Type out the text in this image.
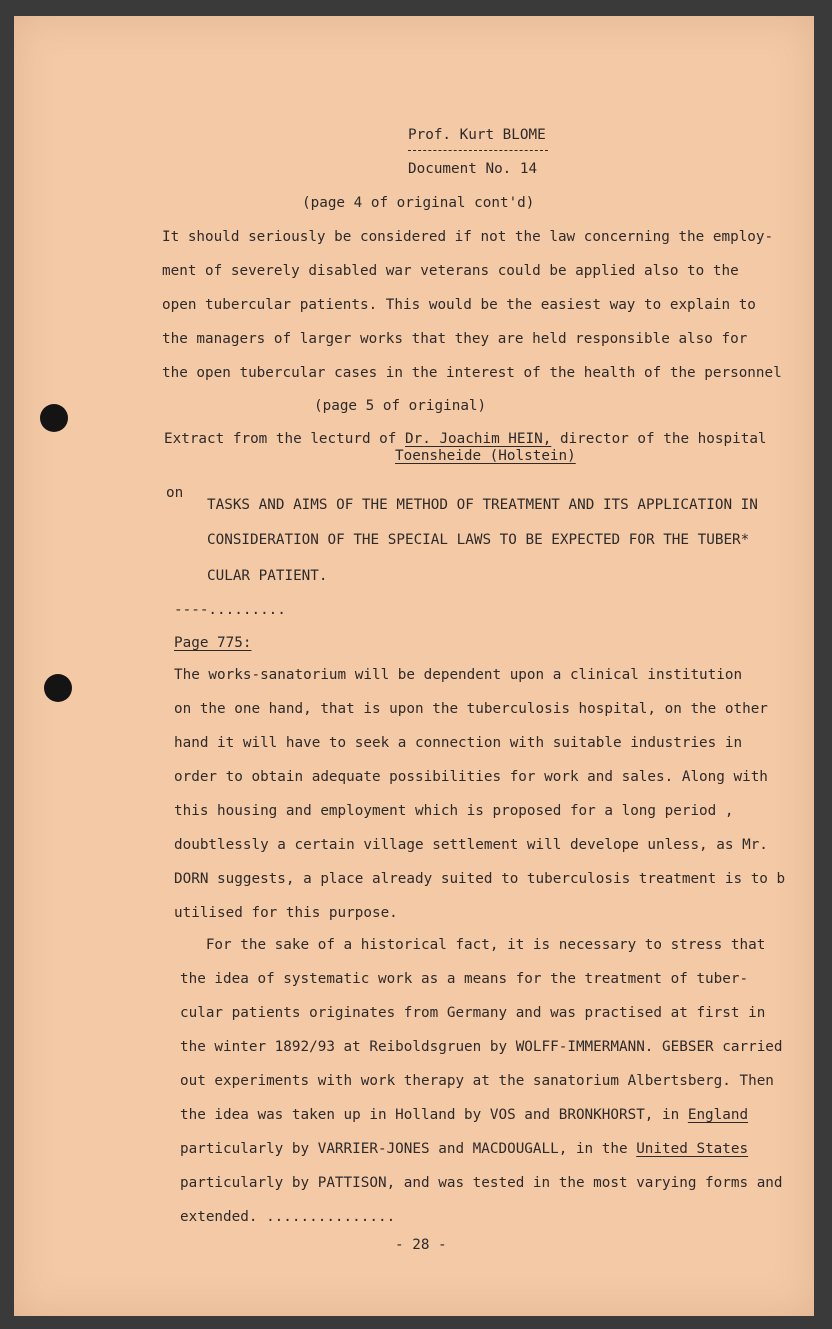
Prof. Kurt BLOME
Document No. 14
(page 4 of original cont'd)
It should seriously be considered if not the law concerning the employ-
ment of severely disabled war veterans could be applied also to the
open tubercular patients. This would be the easiest way to explain to
the managers of larger works that they are held responsible also for
the open tubercular cases in the interest of the health of the personnel
(page 5 of original)
Extract from the lecturd of Dr. Joachim HEIN, director of the hospital
Toensheide (Holstein)
on
TASKS AND AIMS OF THE METHOD OF TREATMENT AND ITS APPLICATION IN
CONSIDERATION OF THE SPECIAL LAWS TO BE EXPECTED FOR THE TUBER*
CULAR PATIENT.
----.........
Page 775:
The works-sanatorium will be dependent upon a clinical institution
on the one hand, that is upon the tuberculosis hospital, on the other
hand it will have to seek a connection with suitable industries in
order to obtain adequate possibilities for work and sales. Along with
this housing and employment which is proposed for a long period ,
doubtlessly a certain village settlement will develope unless, as Mr.
DORN suggests, a place already suited to tuberculosis treatment is to b
utilised for this purpose.
For the sake of a historical fact, it is necessary to stress that
the idea of systematic work as a means for the treatment of tuber-
cular patients originates from Germany and was practised at first in
the winter 1892/93 at Reiboldsgruen by WOLFF-IMMERMANN. GEBSER carried
out experiments with work therapy at the sanatorium Albertsberg. Then
the idea was taken up in Holland by VOS and BRONKHORST, in England
particularly by VARRIER-JONES and MACDOUGALL, in the United States
particularly by PATTISON, and was tested in the most varying forms and
extended. ...............
- 28 -
